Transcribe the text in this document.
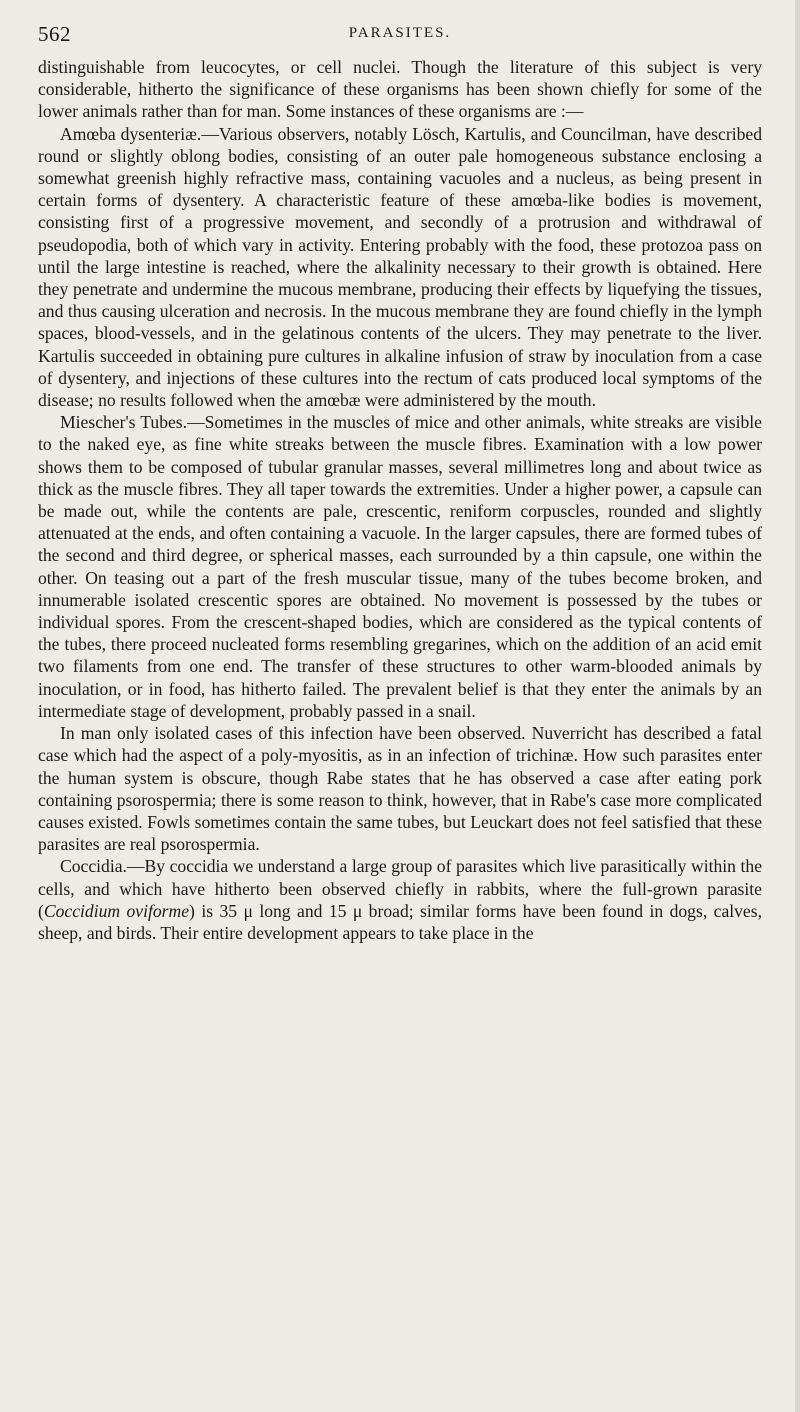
562	PARASITES.

distinguishable from leucocytes, or cell nuclei. Though the literature of this subject is very considerable, hitherto the significance of these organisms has been shown chiefly for some of the lower animals rather than for man. Some instances of these organisms are :—

Amœba dysenteriæ.—Various observers, notably Lösch, Kartulis, and Councilman, have described round or slightly oblong bodies, consisting of an outer pale homogeneous substance enclosing a somewhat greenish highly refractive mass, containing vacuoles and a nucleus, as being present in certain forms of dysentery. A characteristic feature of these amœba-like bodies is movement, consisting first of a progressive movement, and secondly of a protrusion and withdrawal of pseudopodia, both of which vary in activity. Entering probably with the food, these protozoa pass on until the large intestine is reached, where the alkalinity necessary to their growth is obtained. Here they penetrate and undermine the mucous membrane, producing their effects by liquefying the tissues, and thus causing ulceration and necrosis. In the mucous membrane they are found chiefly in the lymph spaces, blood-vessels, and in the gelatinous contents of the ulcers. They may penetrate to the liver. Kartulis succeeded in obtaining pure cultures in alkaline infusion of straw by inoculation from a case of dysentery, and injections of these cultures into the rectum of cats produced local symptoms of the disease; no results followed when the amœbæ were administered by the mouth.

Miescher's Tubes.—Sometimes in the muscles of mice and other animals, white streaks are visible to the naked eye, as fine white streaks between the muscle fibres. Examination with a low power shows them to be composed of tubular granular masses, several millimetres long and about twice as thick as the muscle fibres. They all taper towards the extremities. Under a higher power, a capsule can be made out, while the contents are pale, crescentic, reniform corpuscles, rounded and slightly attenuated at the ends, and often containing a vacuole. In the larger capsules, there are formed tubes of the second and third degree, or spherical masses, each surrounded by a thin capsule, one within the other. On teasing out a part of the fresh muscular tissue, many of the tubes become broken, and innumerable isolated crescentic spores are obtained. No movement is possessed by the tubes or individual spores. From the crescent-shaped bodies, which are considered as the typical contents of the tubes, there proceed nucleated forms resembling gregarines, which on the addition of an acid emit two filaments from one end. The transfer of these structures to other warm-blooded animals by inoculation, or in food, has hitherto failed. The prevalent belief is that they enter the animals by an intermediate stage of development, probably passed in a snail.

In man only isolated cases of this infection have been observed. Nuverricht has described a fatal case which had the aspect of a poly-myositis, as in an infection of trichinæ. How such parasites enter the human system is obscure, though Rabe states that he has observed a case after eating pork containing psorospermia; there is some reason to think, however, that in Rabe's case more complicated causes existed. Fowls sometimes contain the same tubes, but Leuckart does not feel satisfied that these parasites are real psorospermia.

Coccidia.—By coccidia we understand a large group of parasites which live parasitically within the cells, and which have hitherto been observed chiefly in rabbits, where the full-grown parasite (Coccidium oviforme) is 35 μ long and 15 μ broad; similar forms have been found in dogs, calves, sheep, and birds. Their entire development appears to take place in the
